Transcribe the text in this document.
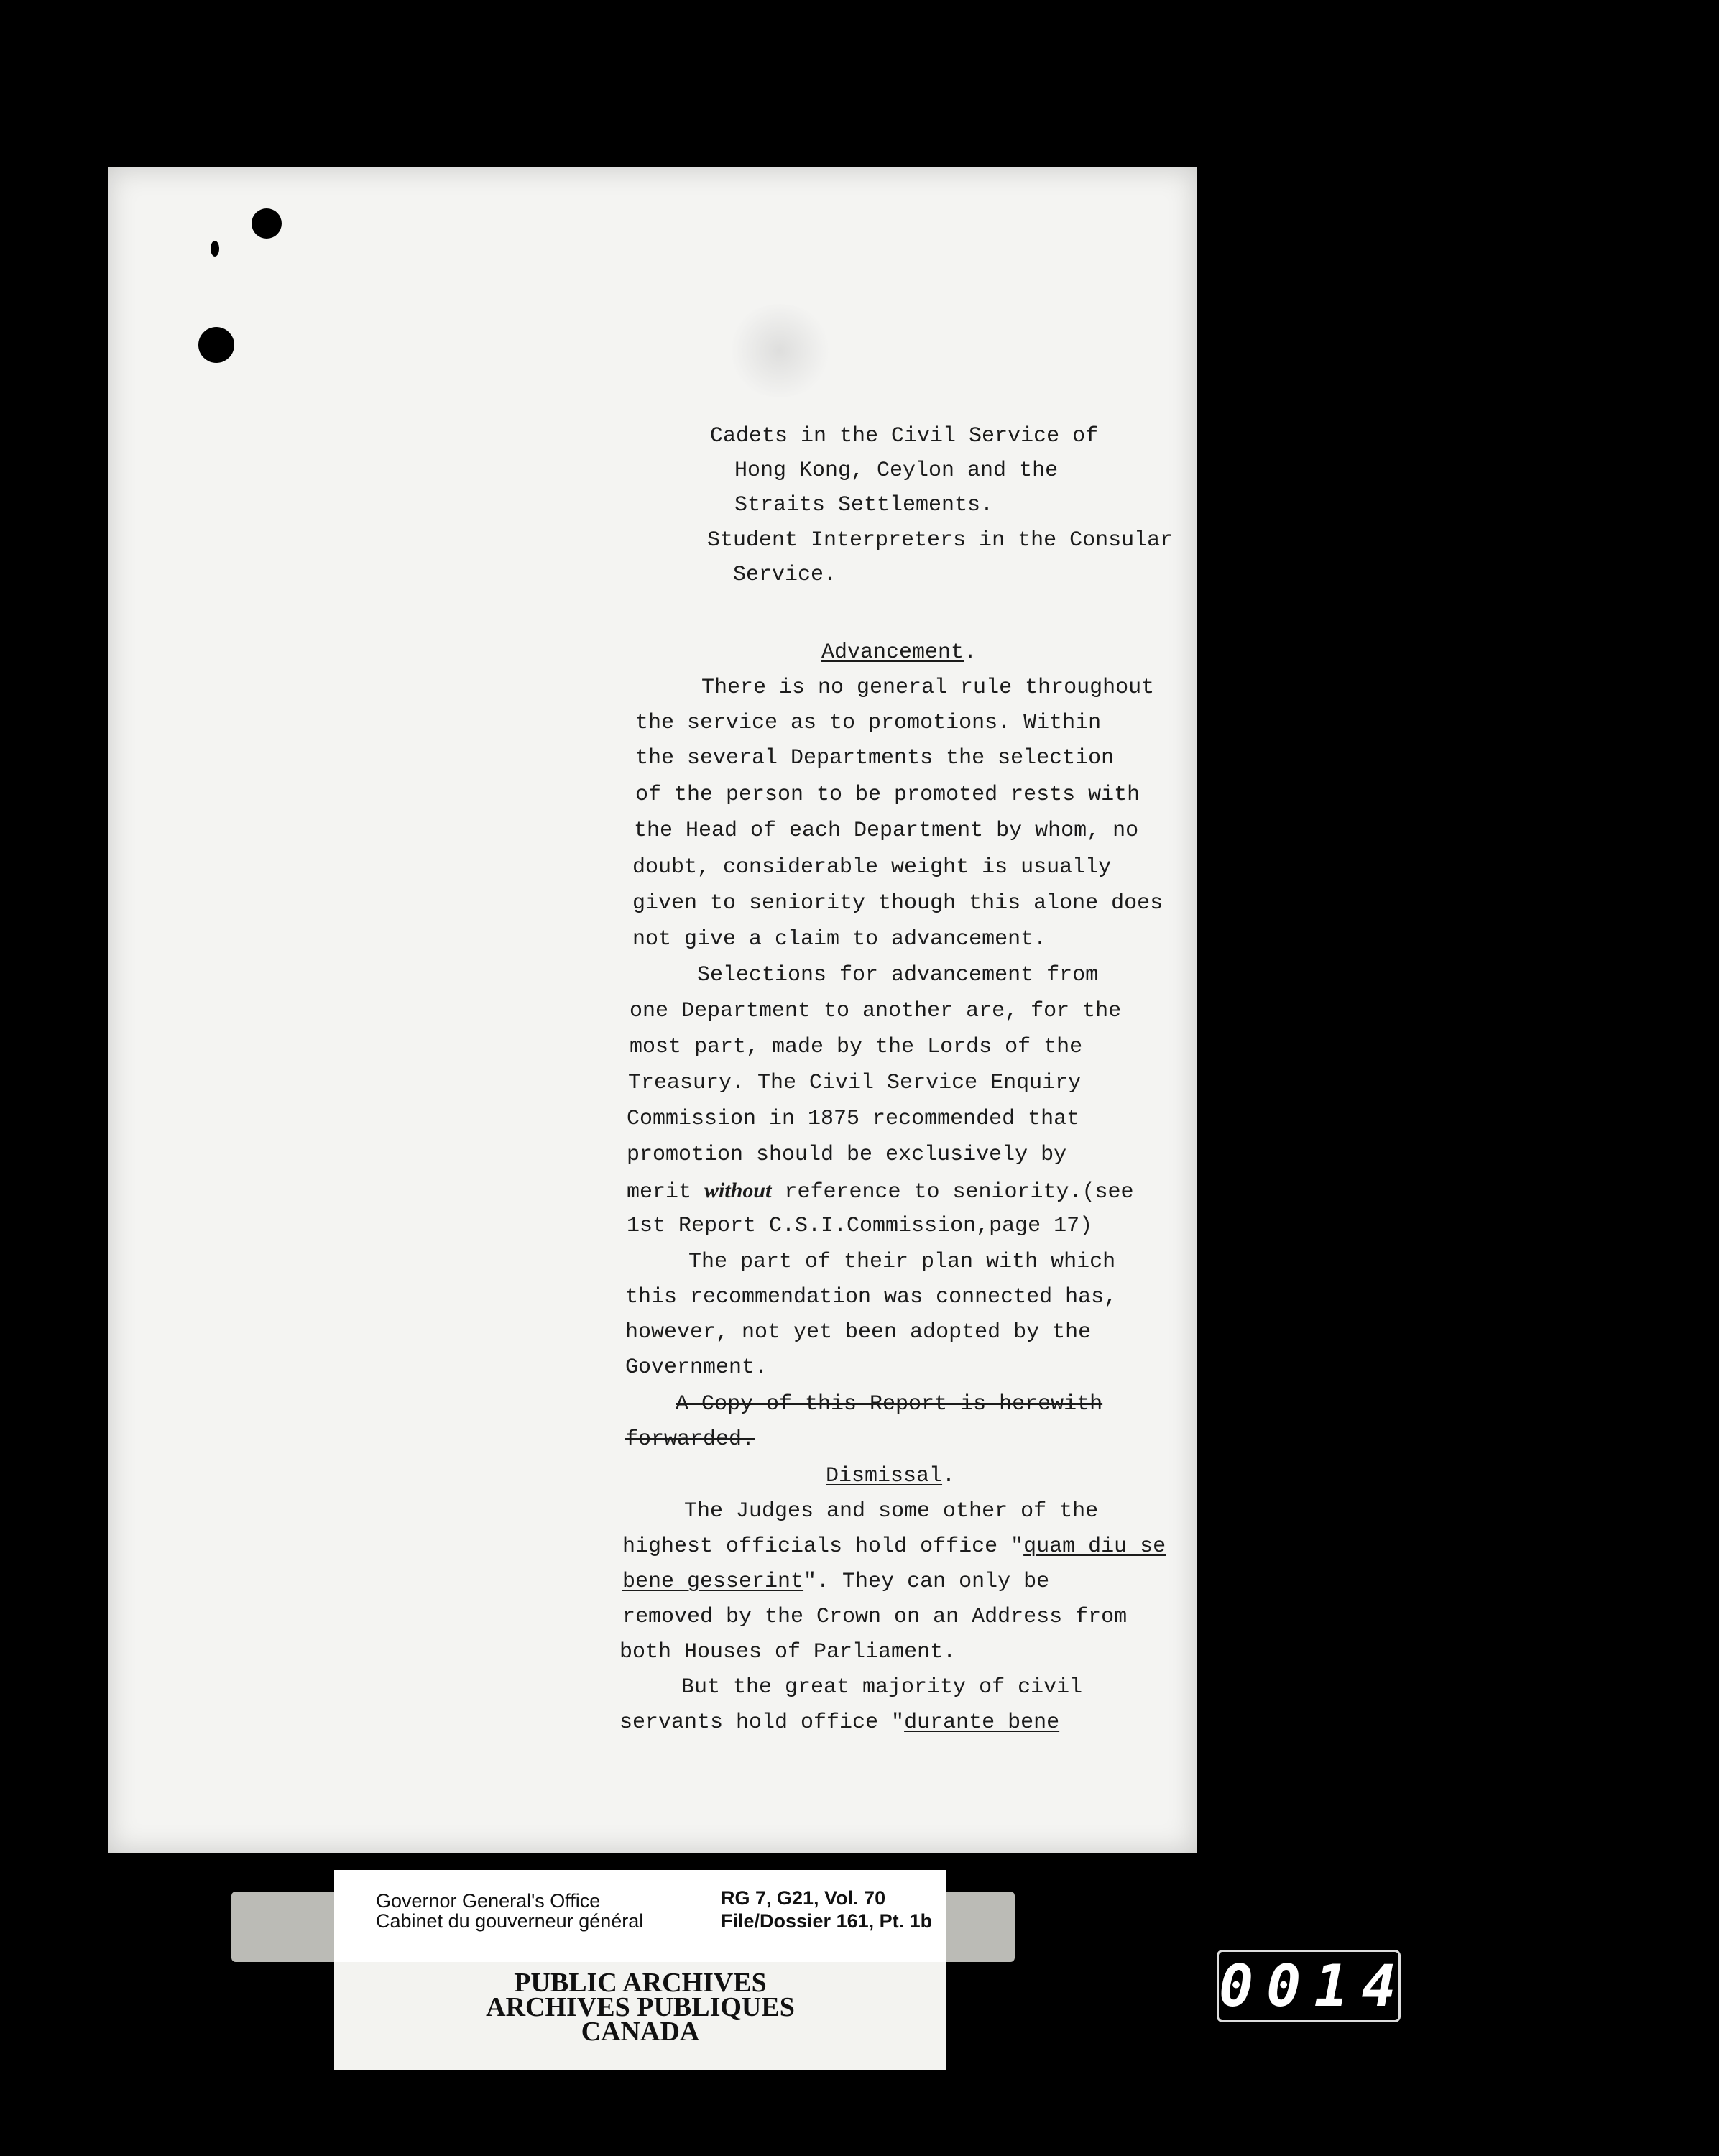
Cadets in the Civil Service of
Hong Kong, Ceylon and the
Straits Settlements.
Student Interpreters in the Consular
Service.
Advancement.
There is no general rule throughout
the service as to promotions. Within
the several Departments the selection
of the person to be promoted rests with
the Head of each Department by whom, no
doubt, considerable weight is usually
given to seniority though this alone does
not give a claim to advancement.
Selections for advancement from
one Department to another are, for the
most part, made by the Lords of the
Treasury. The Civil Service Enquiry
Commission in 1875 recommended that
promotion should be exclusively by
merit without reference to seniority.(see
1st Report C.S.I.Commission,page 17)
The part of their plan with which
this recommendation was connected has,
however, not yet been adopted by the
Government.
A Copy of this Report is herewith
forwarded.
Dismissal.
The Judges and some other of the
highest officials hold office "quam diu se
bene gesserint". They can only be
removed by the Crown on an Address from
both Houses of Parliament.
But the great majority of civil
servants hold office "durante bene
Governor General's Office
Cabinet du gouverneur général
RG 7, G21, Vol. 70
File/Dossier 161, Pt. 1b
PUBLIC ARCHIVES
ARCHIVES PUBLIQUES
CANADA
0014
